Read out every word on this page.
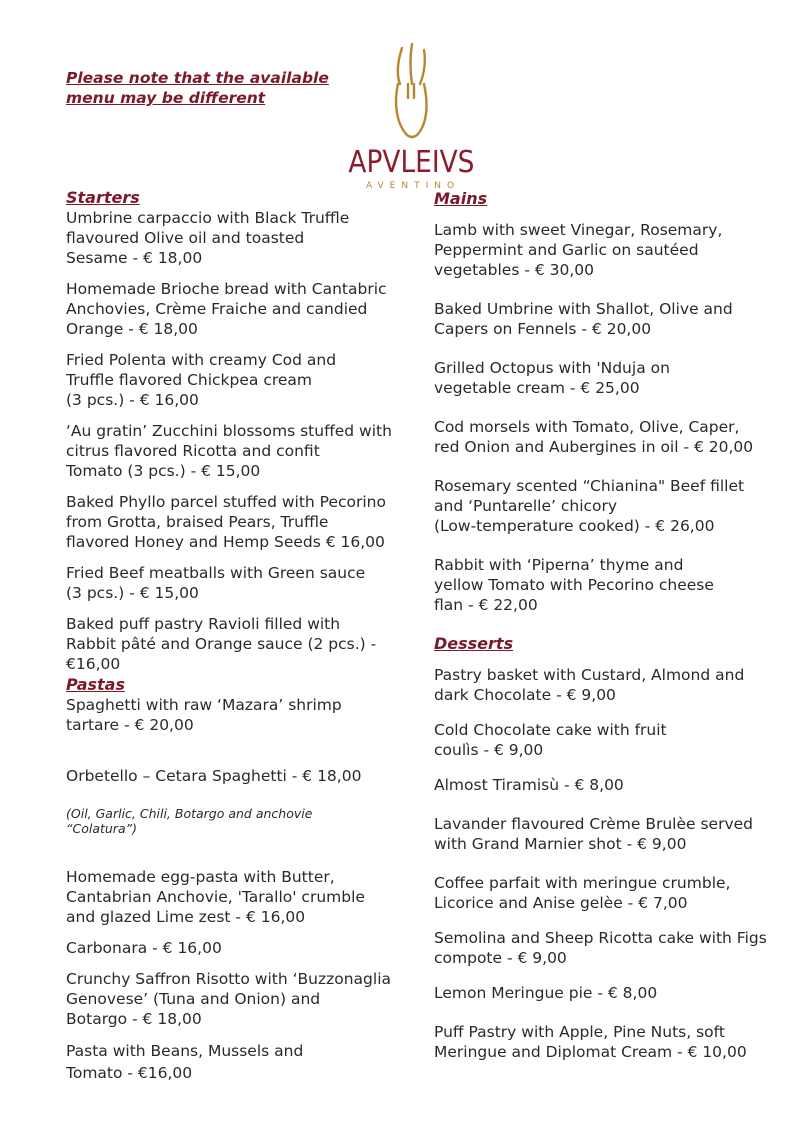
Please note that the available
menu may be different
APVLEIVS
AVENTINO
Starters

Umbrine carpaccio with Black Truffle
flavoured Olive oil and toasted
Sesame - € 18,00

Homemade Brioche bread with Cantabric
Anchovies, Crème Fraiche and candied
Orange - € 18,00

Fried Polenta with creamy Cod and
Truffle flavored Chickpea cream
(3 pcs.) - € 16,00

‘Au gratin’ Zucchini blossoms stuffed with
citrus flavored Ricotta and confit
Tomato (3 pcs.) - € 15,00

Baked Phyllo parcel stuffed with Pecorino
from Grotta, braised Pears, Truffle
flavored Honey and Hemp Seeds € 16,00

Fried Beef meatballs with Green sauce
(3 pcs.) - € 15,00

Baked puff pastry Ravioli filled with
Rabbit pâté and Orange sauce (2 pcs.) -
€16,00

Pastas

Spaghetti with raw ‘Mazara’ shrimp
tartare - € 20,00

Orbetello – Cetara Spaghetti - € 18,00

(Oil, Garlic, Chili, Botargo and anchovie
“Colatura”)

Homemade egg-pasta with Butter,
Cantabrian Anchovie, 'Tarallo' crumble
and glazed Lime zest - € 16,00

Carbonara - € 16,00

Crunchy Saffron Risotto with ‘Buzzonaglia
Genovese’ (Tuna and Onion) and
Botargo - € 18,00

Pasta with Beans, Mussels and
Tomato - €16,00

Mains

Lamb with sweet Vinegar, Rosemary,
Peppermint and Garlic on sautéed
vegetables - € 30,00

Baked Umbrine with Shallot, Olive and
Capers on Fennels - € 20,00

Grilled Octopus with 'Nduja on
vegetable cream - € 25,00

Cod morsels with Tomato, Olive, Caper,
red Onion and Aubergines in oil - € 20,00

Rosemary scented “Chianina" Beef fillet
and ‘Puntarelle’ chicory
(Low-temperature cooked) - € 26,00

Rabbit with ‘Piperna’ thyme and
yellow Tomato with Pecorino cheese
flan - € 22,00

Desserts

Pastry basket with Custard, Almond and
dark Chocolate - € 9,00

Cold Chocolate cake with fruit
coulìs - € 9,00

Almost Tiramisù - € 8,00

Lavander flavoured Crème Brulèe served
with Grand Marnier shot - € 9,00

Coffee parfait with meringue crumble,
Licorice and Anise gelèe - € 7,00

Semolina and Sheep Ricotta cake with Figs
compote - € 9,00

Lemon Meringue pie - € 8,00

Puff Pastry with Apple, Pine Nuts, soft
Meringue and Diplomat Cream - € 10,00
